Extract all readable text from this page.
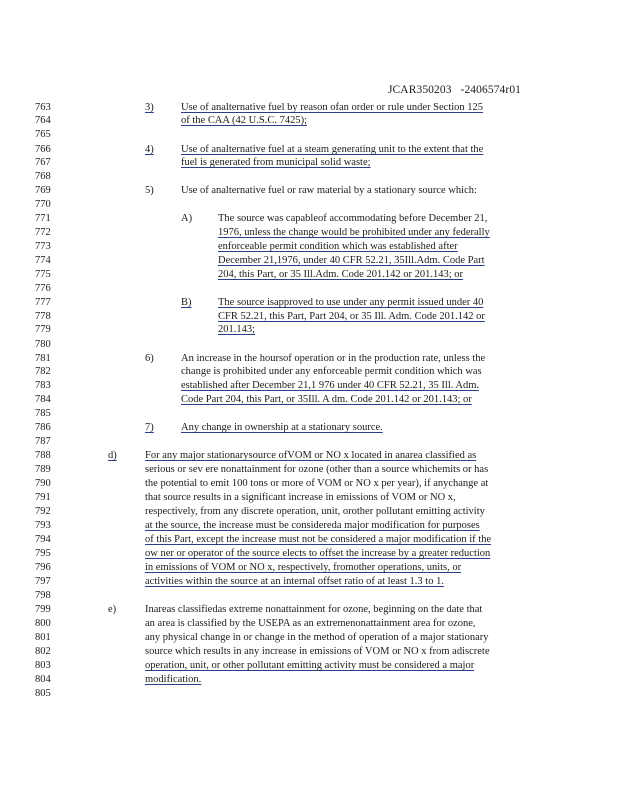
JCAR350203 -2406574r01

763
764
765
766
767
768
769
770
771
772
773
774
775
776
777
778
779
780
781
782
783
784
785
786
787
788
789
790
791
792
793
794
795
796
797
798
799
800
801
802
803
804
805
3)	Use of analternative fuel by reason ofan order or rule under Section 125
of the CAA (42 U.S.C. 7425);
4)	Use of analternative fuel at a steam generating unit to the extent that the
fuel is generated from municipal solid waste;
5)	Use of analternative fuel or raw material by a stationary source which:
A) The source was capableof accommodating before December 21,
1976, unless the change would be prohibited under any federally
enforceable permit condition which was established after
December 21,1976, under 40 CFR 52.21, 35Ill.Adm. Code Part
204, this Part, or 35 Ill.Adm. Code 201.142 or 201.143; or
B)	The source isapproved to use under any permit issued under 40
CFR 52.21, this Part, Part 204, or 35 Ill. Adm. Code 201.142 or
201.143;
6)	An increase in the hoursof operation or in the production rate, unless the
change is prohibited under any enforceable permit condition which was
established after December 21,1 976 under 40 CFR 52.21, 35 Ill. Adm.
Code Part 204, this Part, or 35Ill. A dm. Code 201.142 or 201.143; or
7)	Any change in ownership at a stationary source.
d)	For any major stationarysource ofVOM or NO x located in anarea classified as
serious or sev ere nonattainment for ozone (other than a source whichemits or has
the potential to emit 100 tons or more of VOM or NO x per year), if anychange at
that source results in a significant increase in emissions of VOM or NO x,
respectively, from any discrete operation, unit, orother pollutant emitting activity
at the source, the increase must be considereda major modification for purposes
of this Part, except the increase must not be considered a major modification if the
ow ner or operator of the source elects to offset the increase by a greater reduction
in emissions of VOM or NO x, respectively, fromother operations, units, or
activities within the source at an internal offset ratio of at least 1.3 to 1.
e)	Inareas classifiedas extreme nonattainment for ozone, beginning on the date that
an area is classified by the USEPA as an extremenonattainment area for ozone,
any physical change in or change in the method of operation of a major stationary
source which results in any increase in emissions of VOM or NO x from adiscrete
operation, unit, or other pollutant emitting activity must be considered a major
modification.
